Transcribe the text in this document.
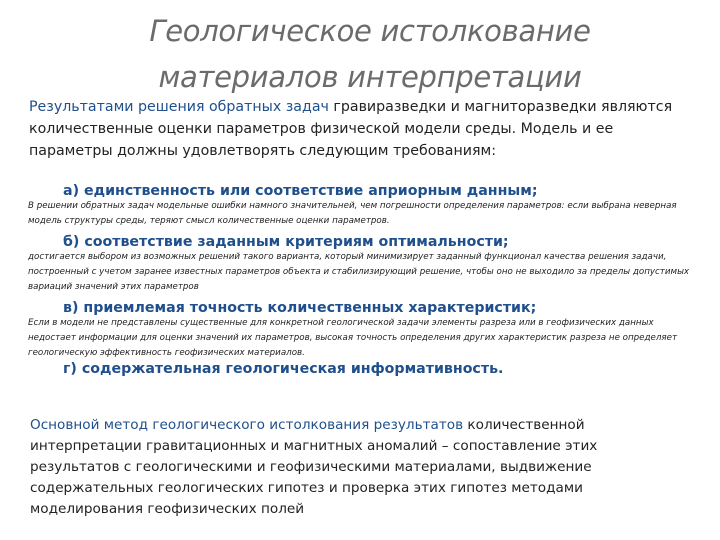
Геологическое истолкование материалов интерпретации
Результатами решения обратных задач гравиразведки и магниторазведки являются количественные оценки параметров физической модели среды. Модель и ее параметры должны удовлетворять следующим требованиям:
а) единственность или соответствие априорным данным;
В решении обратных задач модельные ошибки намного значительней, чем погрешности определения параметров: если выбрана неверная модель структуры среды, теряют смысл количественные оценки параметров.
б) соответствие заданным критериям оптимальности;
достигается выбором из возможных решений такого варианта, который минимизирует заданный функционал качества решения задачи, построенный с учетом заранее известных параметров объекта и стабилизирующий решение, чтобы оно не выходило за пределы допустимых вариаций значений этих параметров
в) приемлемая точность количественных характеристик;
Если в модели не представлены существенные для конкретной геологической задачи элементы разреза или в геофизических данных недостает информации для оценки значений их параметров, высокая точность определения других характеристик разреза не определяет геологическую эффективность геофизических материалов.
г) содержательная геологическая информативность.
Основной метод геологического истолкования результатов количественной интерпретации гравитационных и магнитных аномалий – сопоставление этих результатов с геологическими и геофизическими материалами, выдвижение содержательных геологических гипотез и проверка этих гипотез методами моделирования геофизических полей
